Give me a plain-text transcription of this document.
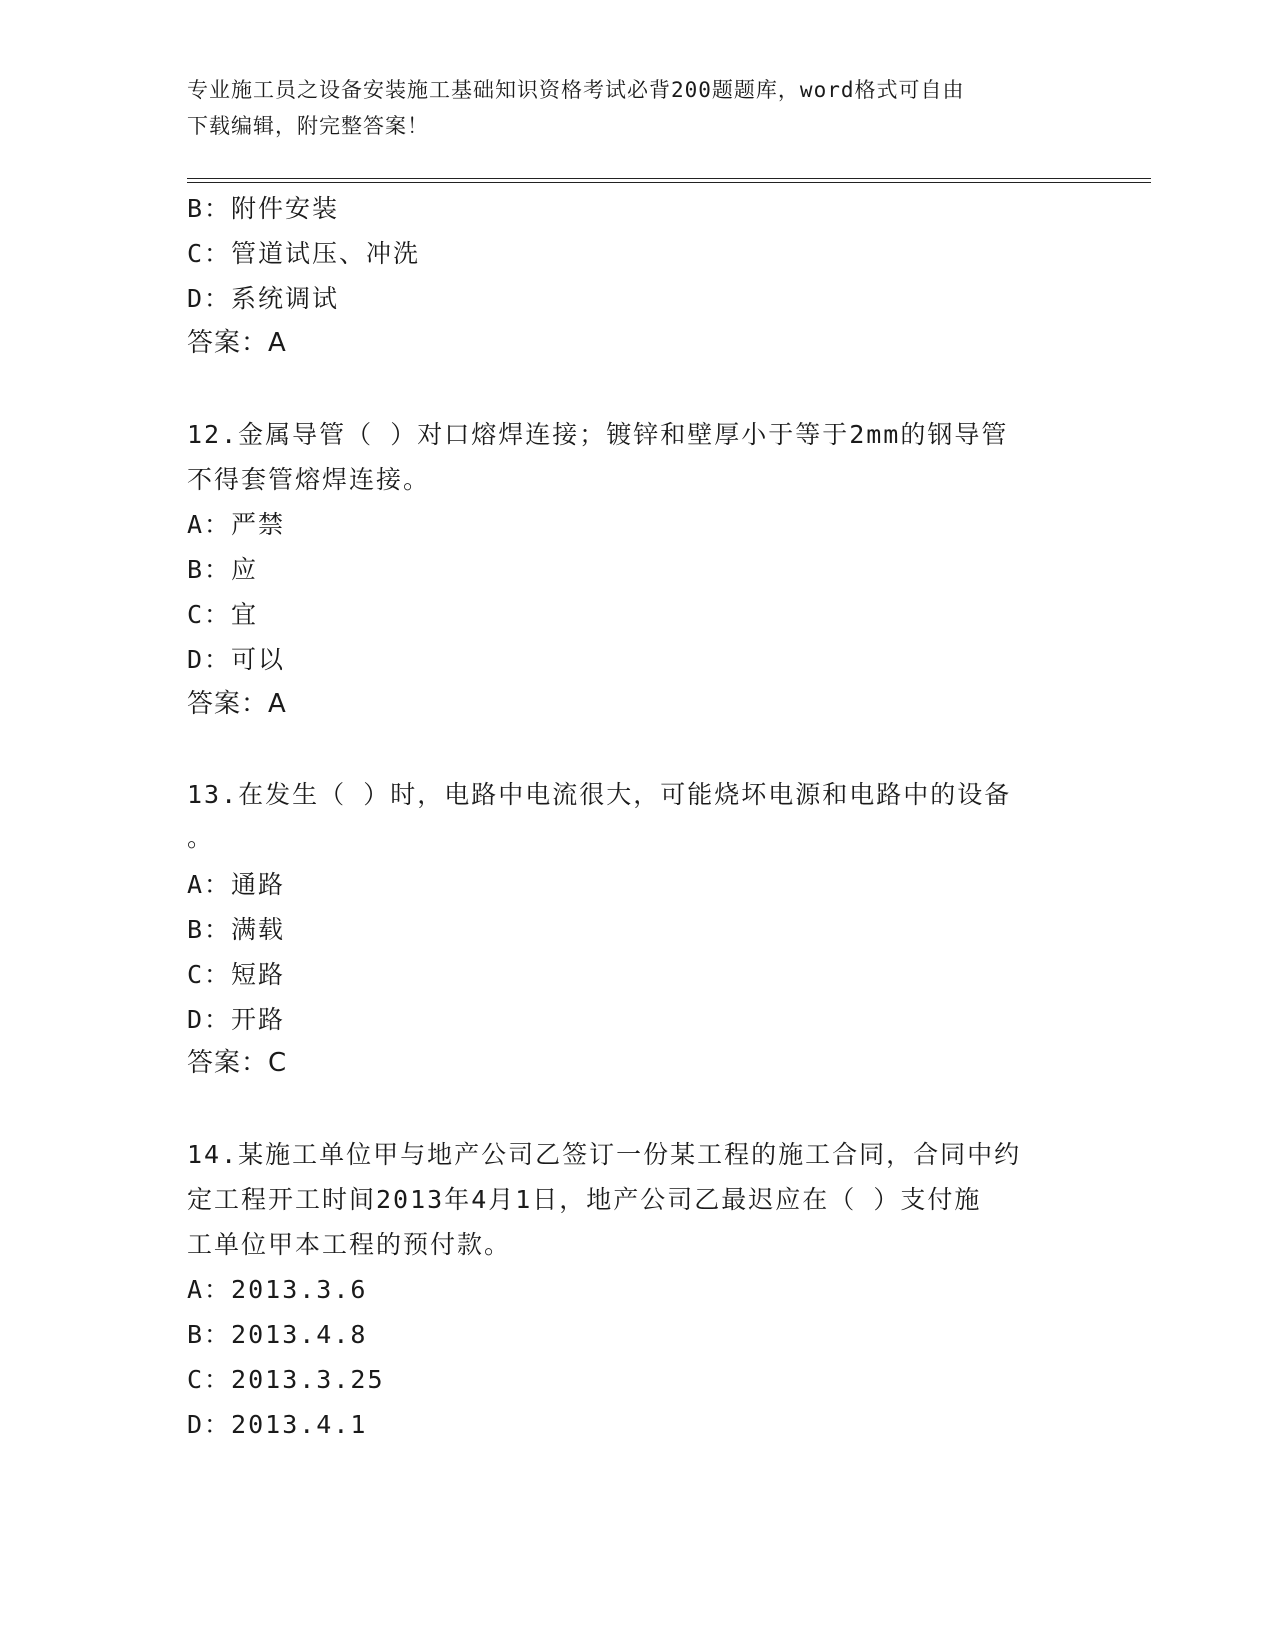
专业施工员之设备安装施工基础知识资格考试必背200题题库，word格式可自由
下载编辑，附完整答案！
B：附件安装
C：管道试压、冲洗
D：系统调试
答案：A
12.金属导管（ ）对口熔焊连接；镀锌和壁厚小于等于2mm的钢导管
不得套管熔焊连接。
A：严禁
B：应
C：宜
D：可以
答案：A
13.在发生（ ）时，电路中电流很大，可能烧坏电源和电路中的设备
。
A：通路
B：满载
C：短路
D：开路
答案：C
14.某施工单位甲与地产公司乙签订一份某工程的施工合同，合同中约
定工程开工时间2013年4月1日，地产公司乙最迟应在（ ）支付施
工单位甲本工程的预付款。
A：2013.3.6
B：2013.4.8
C：2013.3.25
D：2013.4.1
